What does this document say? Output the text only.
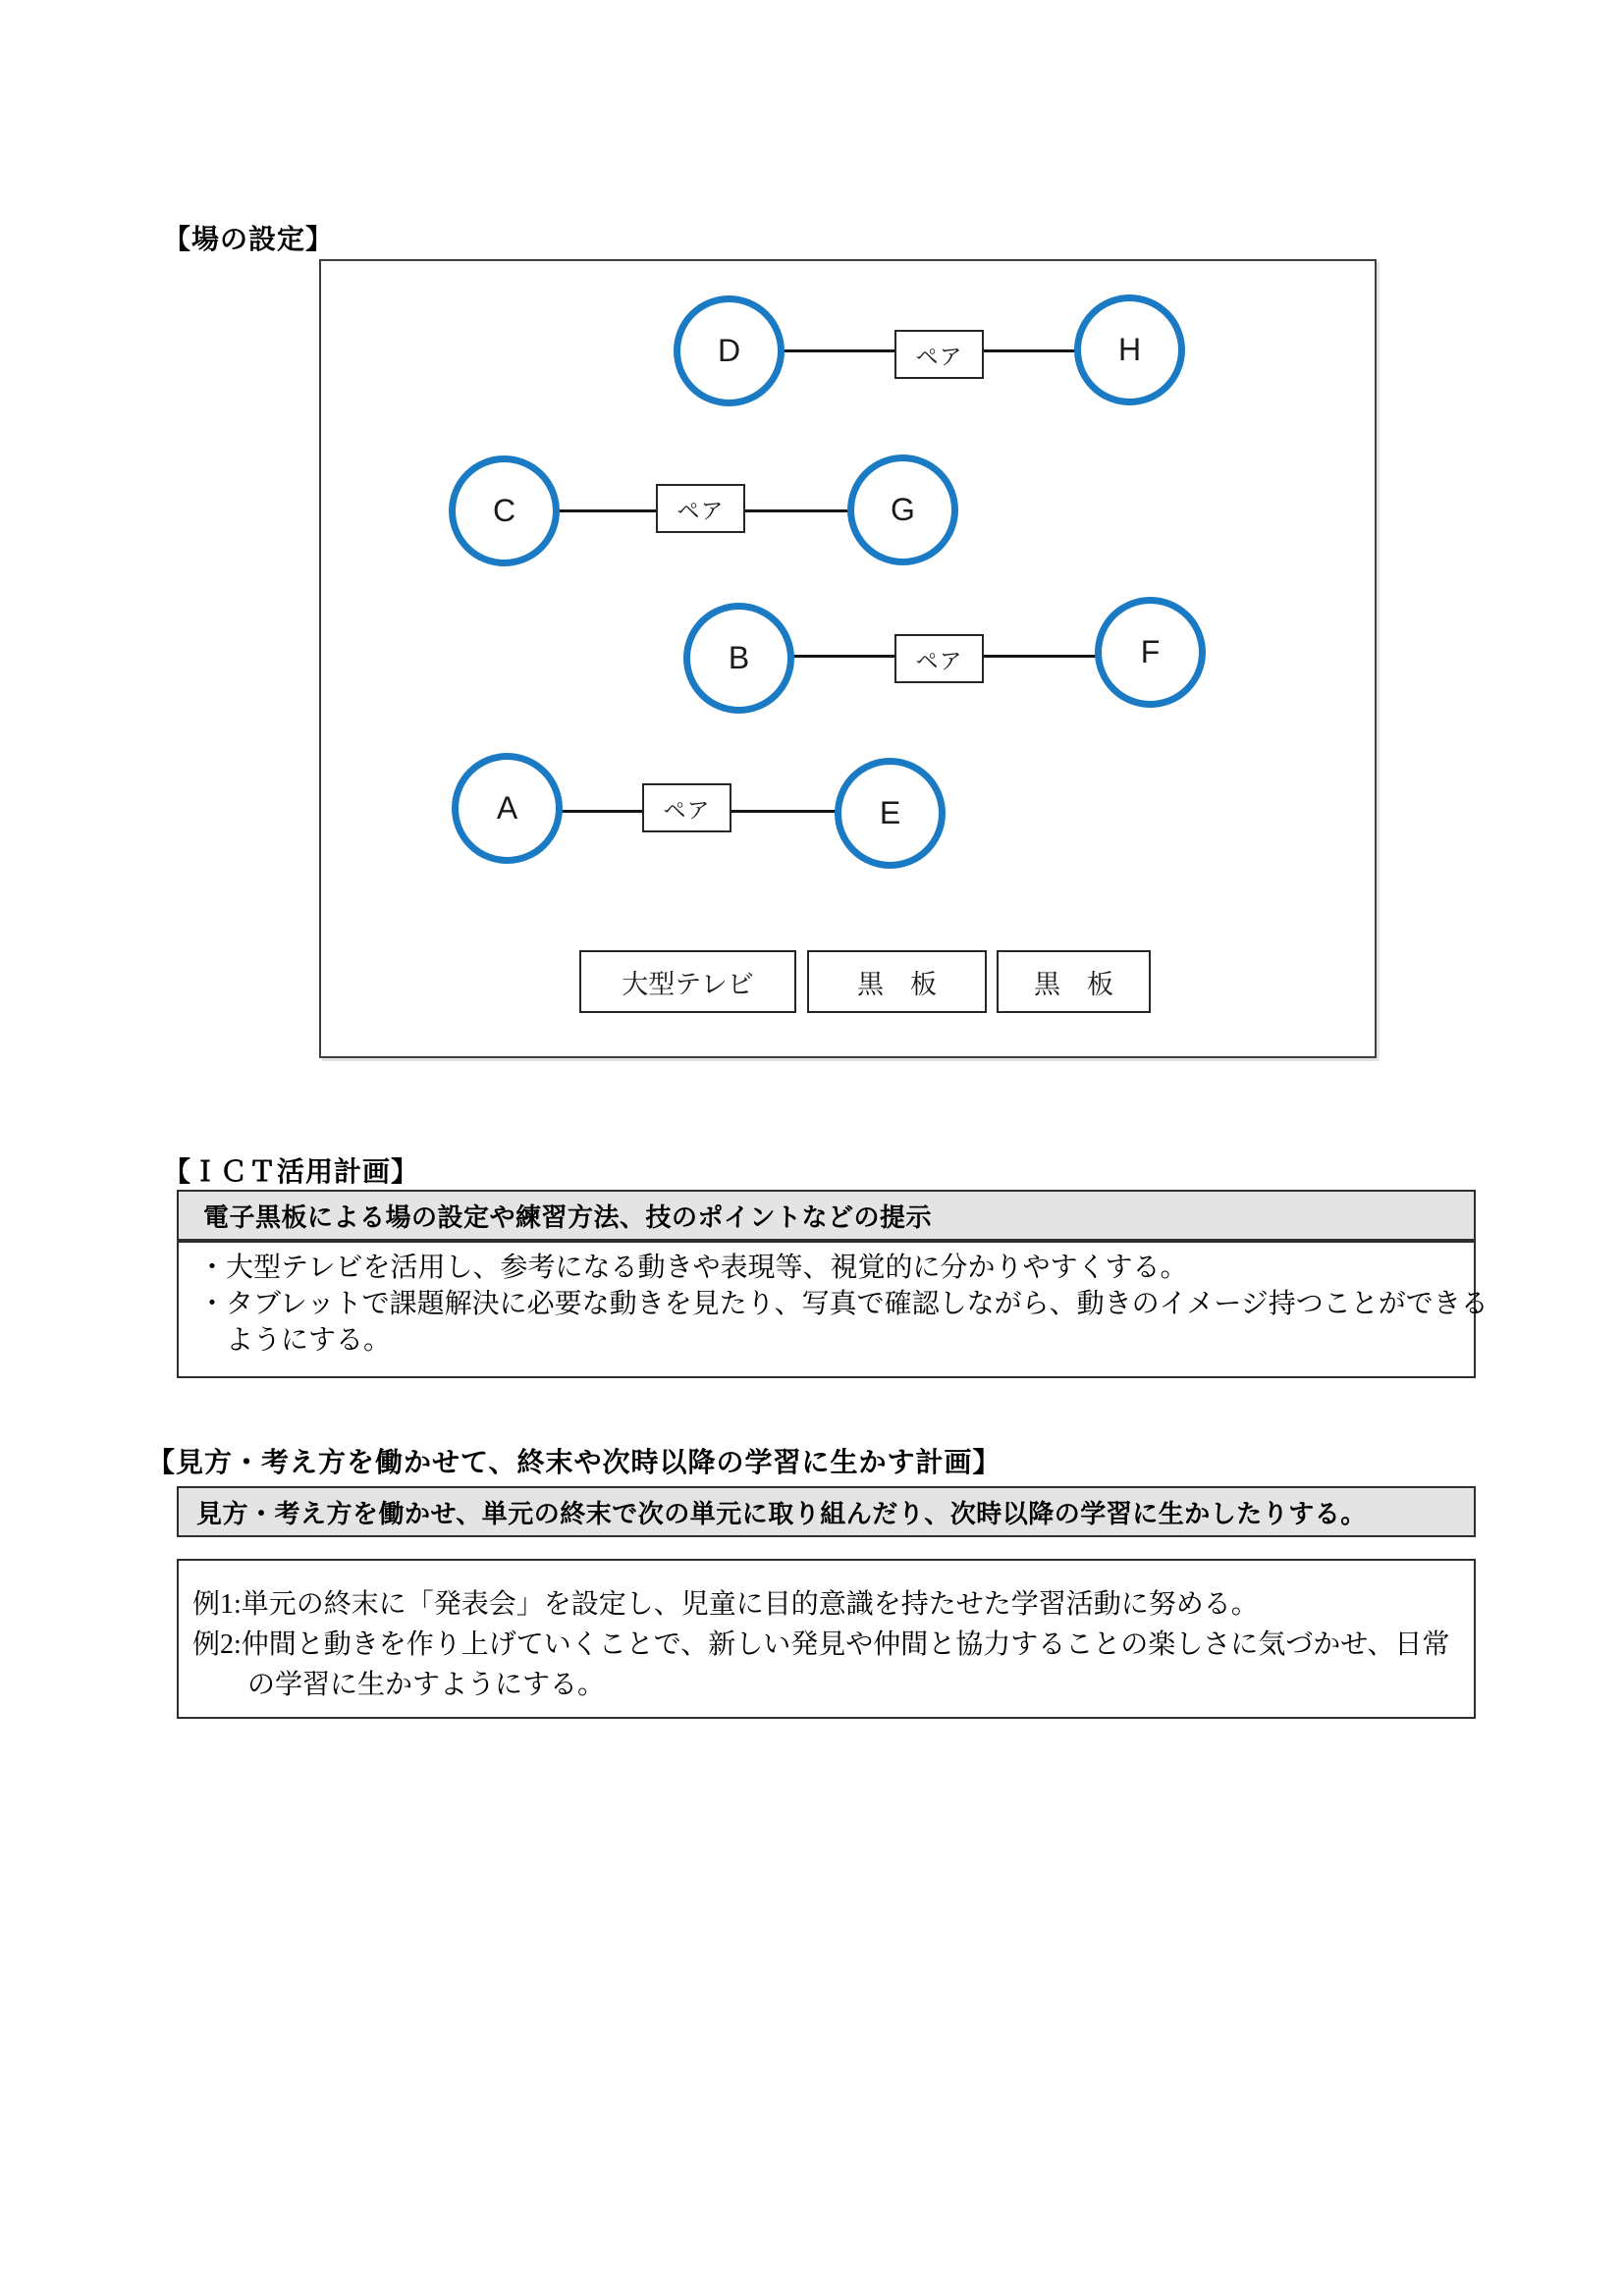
【場の設定】
D	H
C	G
B	F
A	E
ペア
ペア
ペア
ペア
大型テレビ	黒　板	黒　板
【ＩＣＴ活用計画】
電子黒板による場の設定や練習方法、技のポイントなどの提示
・大型テレビを活用し、参考になる動きや表現等、視覚的に分かりやすくする。
・タブレットで課題解決に必要な動きを見たり、写真で確認しながら、動きのイメージ持つことができる
　ようにする。
【見方・考え方を働かせて、終末や次時以降の学習に生かす計画】
見方・考え方を働かせ、単元の終末で次の単元に取り組んだり、次時以降の学習に生かしたりする。
例1:単元の終末に「発表会」を設定し、児童に目的意識を持たせた学習活動に努める。
例2:仲間と動きを作り上げていくことで、新しい発見や仲間と協力することの楽しさに気づかせ、日常
　　の学習に生かすようにする。
